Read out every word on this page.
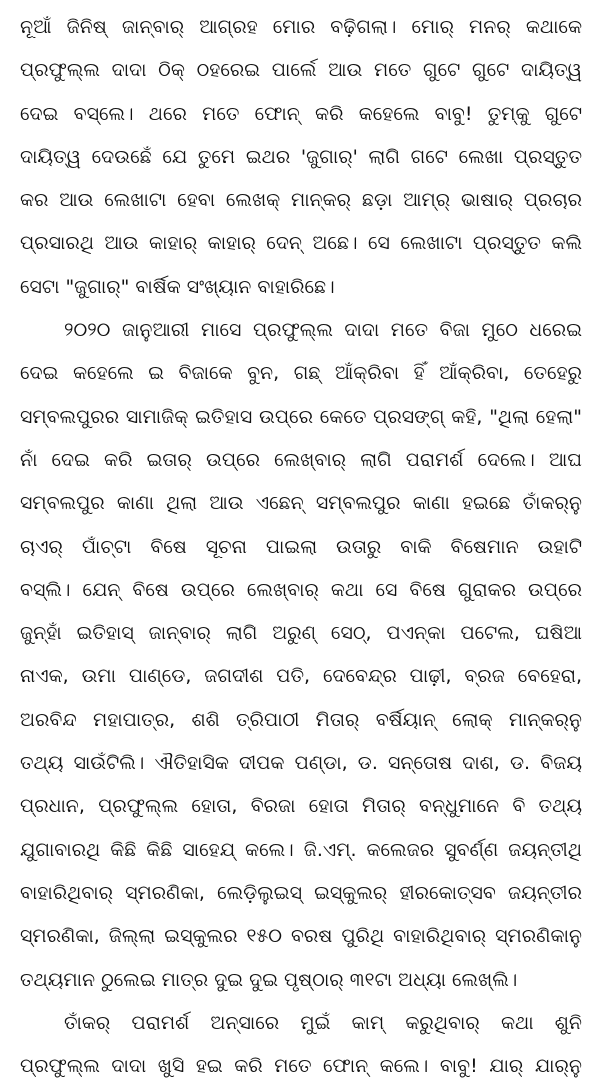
ନୂଆଁ ଜିନିଷ୍ ଜାନ୍‌ବାର୍ ଆଗ୍ରହ ମୋର ବଢ଼ିଗଲା। ମୋର୍ ମନର୍ କଥାକେ
ପ୍ରଫୁଲ୍ଲ ଦାଦା ଠିକ୍ ଠହରେଇ ପାର୍ଲେ ଆଉ ମତେ ଗୁଟେ ଗୁଟେ ଦାୟିତ୍ୱ
ଦେଇ ବସ୍‌ଲେ। ଥରେ ମତେ ଫୋନ୍ କରି କହେଲେ ବାବୁ! ତୁମ୍‌କୁ ଗୁଟେ
ଦାୟିତ୍ୱ ଦେଉଛେଁ ଯେ ତୁମେ ଇଥର 'ଜୁଗାର୍' ଲାଗି ଗଟେ ଲେଖା ପ୍ରସ୍ତୁତ
କର ଆଉ ଲେଖାଟା ହେବା ଲେଖକ୍ ମାନ୍‌କର୍ ଛଡ଼ା ଆମ୍‌ର୍ ଭାଷାର୍ ପ୍ରଚାର
ପ୍ରସାରଥି ଆଉ କାହାର୍ କାହାର୍ ଦେନ୍ ଅଛେ। ସେ ଲେଖାଟା ପ୍ରସ୍ତୁତ କଲି
ସେଟା "ଜୁଗାର୍" ବାର୍ଷିକ ସଂଖ୍ୟାନ ବାହାରିଛେ।
୨୦୨୦ ଜାନୁଆରୀ ମାସେ ପ୍ରଫୁଲ୍ଲ ଦାଦା ମତେ ବିଜା ମୁଠେ ଧରେଇ
ଦେଇ କହେଲେ ଇ ବିଜାକେ ବୁନ, ଗଛ୍ ଆଁକ୍‌ରିବା ହିଁ ଆଁକ୍‌ରିବା, ତେହେରୁ
ସମ୍ବଲପୁରର ସାମାଜିକ୍ ଇତିହାସ ଉପ୍ରେ କେତେ ପ୍ରସଙ୍ଗ୍ କହି, "ଥିଲା ହେଲା"
ନାଁ ଦେଇ କରି ଇତାର୍ ଉପ୍ରେ ଲେଖ୍‌ବାର୍ ଲାଗି ପରାମର୍ଶ ଦେଲେ। ଆଘ
ସମ୍ବଲପୁର କାଣା ଥିଲା ଆଉ ଏଛେନ୍ ସମ୍ବଲପୁର କାଣା ହଇଛେ ତାଁକର୍‌ନୁ
ଚାଏର୍ ପାଁଚ୍‌ଟା ବିଷେ ସୂଚନା ପାଇଲା ଉତାରୁ ବାକି ବିଷେମାନ ଉହାଟି
ବସ୍‌ଲି। ଯେନ୍ ବିଷେ ଉପ୍ରେ ଲେଖ୍‌ବାର୍ କଥା ସେ ବିଷେ ଗୁରାକର ଉପ୍ରେ
ଜୁନ୍‌ହାଁ ଇତିହାସ୍ ଜାନ୍‌ବାର୍ ଲାଗି ଅରୁଣ୍ ସେଠ୍, ପଏନ୍‌କା ପଟେଲ, ଘଷିଆ
ନାଏକ, ଉମା ପାଣ୍ଡେ, ଜଗଦୀଶ ପତି, ଦେବେନ୍ଦ୍ର ପାଢ଼ୀ, ବ୍ରଜ ବେହେରା,
ଅରବିନ୍ଦ ମହାପାତ୍ର, ଶଶି ତ୍ରିପାଠୀ ମିତାର୍ ବର୍ଷିୟାନ୍ ଲୋକ୍ ମାନ୍‌କର୍‌ନୁ
ତଥ୍ୟ ସାଉଁଟିଲି। ଐତିହାସିକ ଦୀପକ ପଣ୍ଡା, ଡ. ସନ୍ତୋଷ ଦାଶ, ଡ. ବିଜୟ
ପ୍ରଧାନ, ପ୍ରଫୁଲ୍ଲ ହୋତା, ବିରଜା ହୋତା ମିତାର୍ ବନ୍ଧୁମାନେ ବି ତଥ୍ୟ
ଯୁଗାବାରଥି କିଛି କିଛି ସାହେଯ୍ କଲେ। ଜି.ଏମ୍. କଲେଜର ସୁବର୍ଣ୍ଣ ଜୟନ୍ତୀଥି
ବାହାରିଥିବାର୍ ସ୍ମରଣିକା, ଲେଡ଼ିଲୁଇସ୍ ଇସ୍କୁଲର୍ ହୀରକୋତ୍ସବ ଜୟନ୍ତୀର
ସ୍ମରଣିକା, ଜିଲ୍ଲା ଇସ୍କୁଲର ୧୫୦ ବରଷ ପୁରିଥି ବାହାରିଥିବାର୍ ସ୍ମରଣିକାନୁ
ତଥ୍ୟମାନ ଠୁଲେଇ ମାତ୍ର ଦୁଇ ଦୁଇ ପୃଷ୍ଠାର୍ ୩୧ଟା ଅଧ୍ୟା ଲେଖ୍‌ଲି।
ତାଁକର୍ ପରାମର୍ଶ ଅନ୍‌ସାରେ ମୁଇଁ କାମ୍ କରୁଥିବାର୍ କଥା ଶୁନି
ପ୍ରଫୁଲ୍ଲ ଦାଦା ଖୁସି ହଇ କରି ମତେ ଫୋନ୍ କଲେ। ବାବୁ! ଯାର୍ ଯାର୍‌ନୁ
